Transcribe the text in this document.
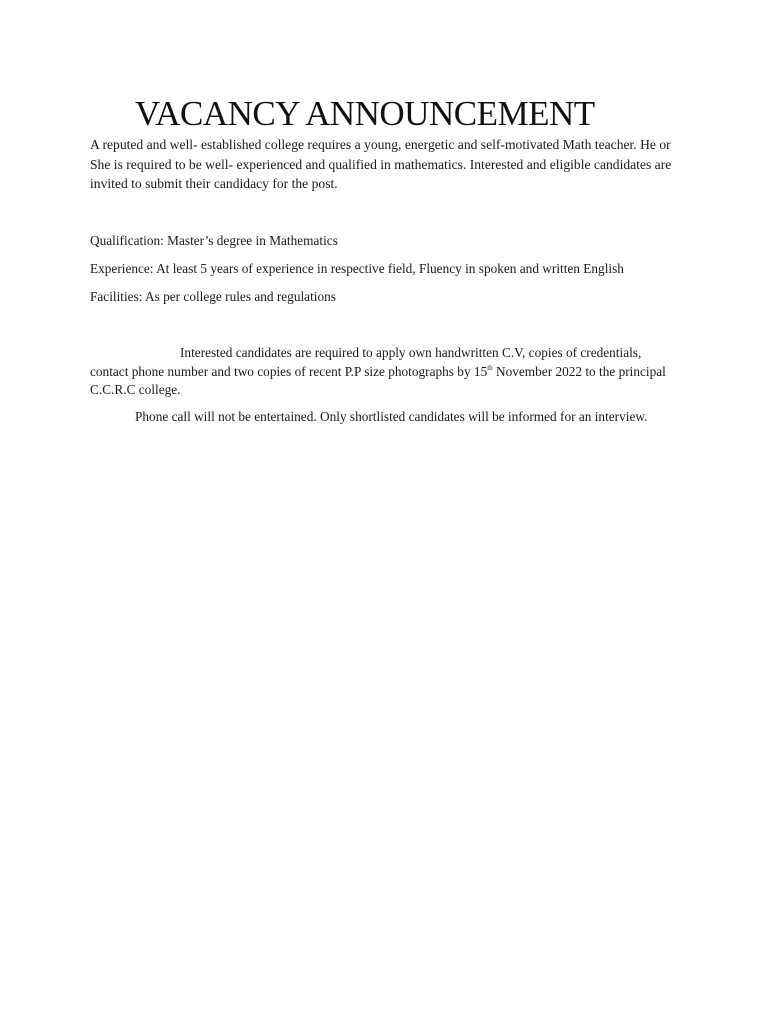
VACANCY ANNOUNCEMENT

A reputed and well- established college requires a young, energetic and self-motivated Math teacher. He or She is required to be well- experienced and qualified in mathematics. Interested and eligible candidates are invited to submit their candidacy for the post.

Qualification: Master’s degree in Mathematics

Experience: At least 5 years of experience in respective field, Fluency in spoken and written English

Facilities: As per college rules and regulations

Interested candidates are required to apply own handwritten C.V, copies of credentials, contact phone number and two copies of recent P.P size photographs by 15th November 2022 to the principal C.C.R.C college.

Phone call will not be entertained. Only shortlisted candidates will be informed for an interview.
